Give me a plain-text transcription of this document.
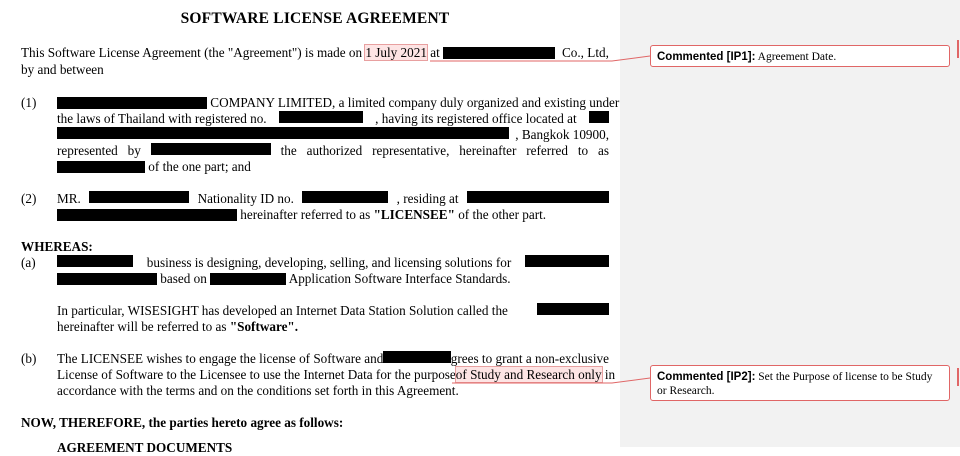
SOFTWARE LICENSE AGREEMENT
This Software License Agreement (the "Agreement") is made on 1 July 2021 at	Co., Ltd,
by and between
(1)	COMPANY LIMITED, a limited company duly organized and existing under
the laws of Thailand with registered no.	, having its registered office located at
, Bangkok 10900,
represented by	the authorized representative, hereinafter referred to as
of the one part; and
(2) MR.	Nationality ID no.	, residing at
hereinafter referred to as "LICENSEE" of the other part.
WHEREAS:
(a)	business is designing, developing, selling, and licensing solutions for
based on	Application Software Interface Standards.
In particular, WISESIGHT has developed an Internet Data Station Solution called the
hereinafter will be referred to as "Software".
(b) The LICENSEE wishes to engage the license of Software and	grees to grant a non-exclusive
License of Software to the Licensee to use the Internet Data for the purposeof Study and Research only in
accordance with the terms and on the conditions set forth in this Agreement.
NOW, THEREFORE, the parties hereto agree as follows:
AGREEMENT DOCUMENTS
Commented [IP1]: Agreement Date.
Commented [IP2]: Set the Purpose of license to be Study or Research.
